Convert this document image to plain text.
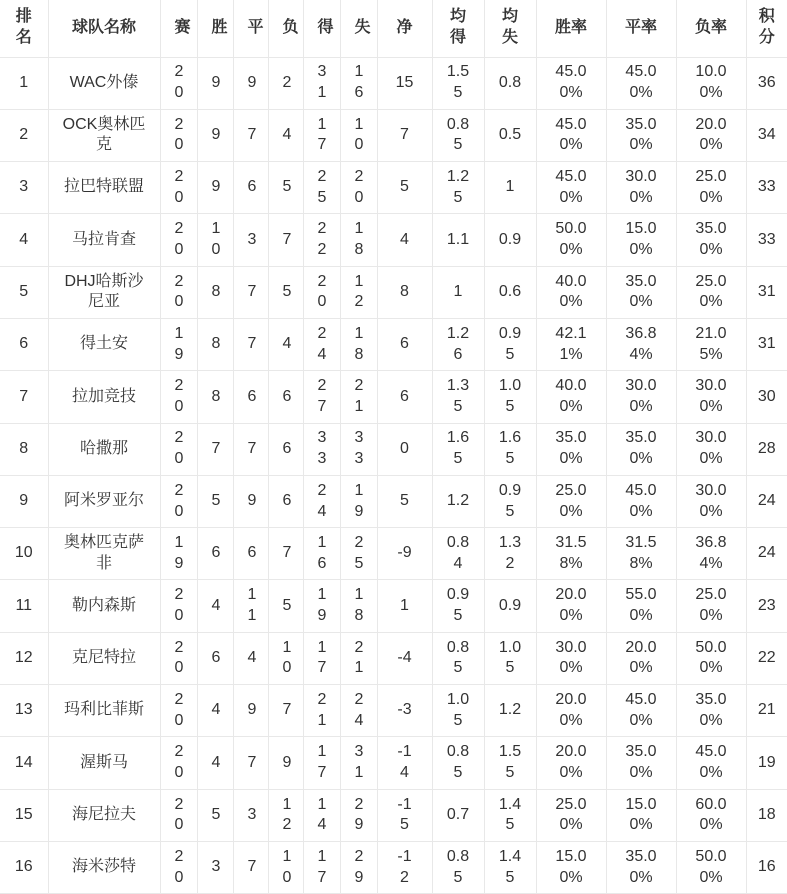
排名	球队名称	赛	胜	平	负	得	失	净	均得	均失	胜率	平率	负率	积分
1	WAC外傣	20	9	9	2	31	16	15	1.55	0.8	45.00%	45.00%	10.00%	36
2	OCK奥林匹克	20	9	7	4	17	10	7	0.85	0.5	45.00%	35.00%	20.00%	34
3	拉巴特联盟	20	9	6	5	25	20	5	1.25	1	45.00%	30.00%	25.00%	33
4	马拉肯查	20	10	3	7	22	18	4	1.1	0.9	50.00%	15.00%	35.00%	33
5	DHJ哈斯沙尼亚	20	8	7	5	20	12	8	1	0.6	40.00%	35.00%	25.00%	31
6	得土安	19	8	7	4	24	18	6	1.26	0.95	42.11%	36.84%	21.05%	31
7	拉加竞技	20	8	6	6	27	21	6	1.35	1.05	40.00%	30.00%	30.00%	30
8	哈撒那	20	7	7	6	33	33	0	1.65	1.65	35.00%	35.00%	30.00%	28
9	阿米罗亚尔	20	5	9	6	24	19	5	1.2	0.95	25.00%	45.00%	30.00%	24
10	奥林匹克萨非	19	6	6	7	16	25	-9	0.84	1.32	31.58%	31.58%	36.84%	24
11	勒内森斯	20	4	11	5	19	18	1	0.95	0.9	20.00%	55.00%	25.00%	23
12	克尼特拉	20	6	4	10	17	21	-4	0.85	1.05	30.00%	20.00%	50.00%	22
13	玛利比菲斯	20	4	9	7	21	24	-3	1.05	1.2	20.00%	45.00%	35.00%	21
14	渥斯马	20	4	7	9	17	31	-14	0.85	1.55	20.00%	35.00%	45.00%	19
15	海尼拉夫	20	5	3	12	14	29	-15	0.7	1.45	25.00%	15.00%	60.00%	18
16	海米莎特	20	3	7	10	17	29	-12	0.85	1.45	15.00%	35.00%	50.00%	16
